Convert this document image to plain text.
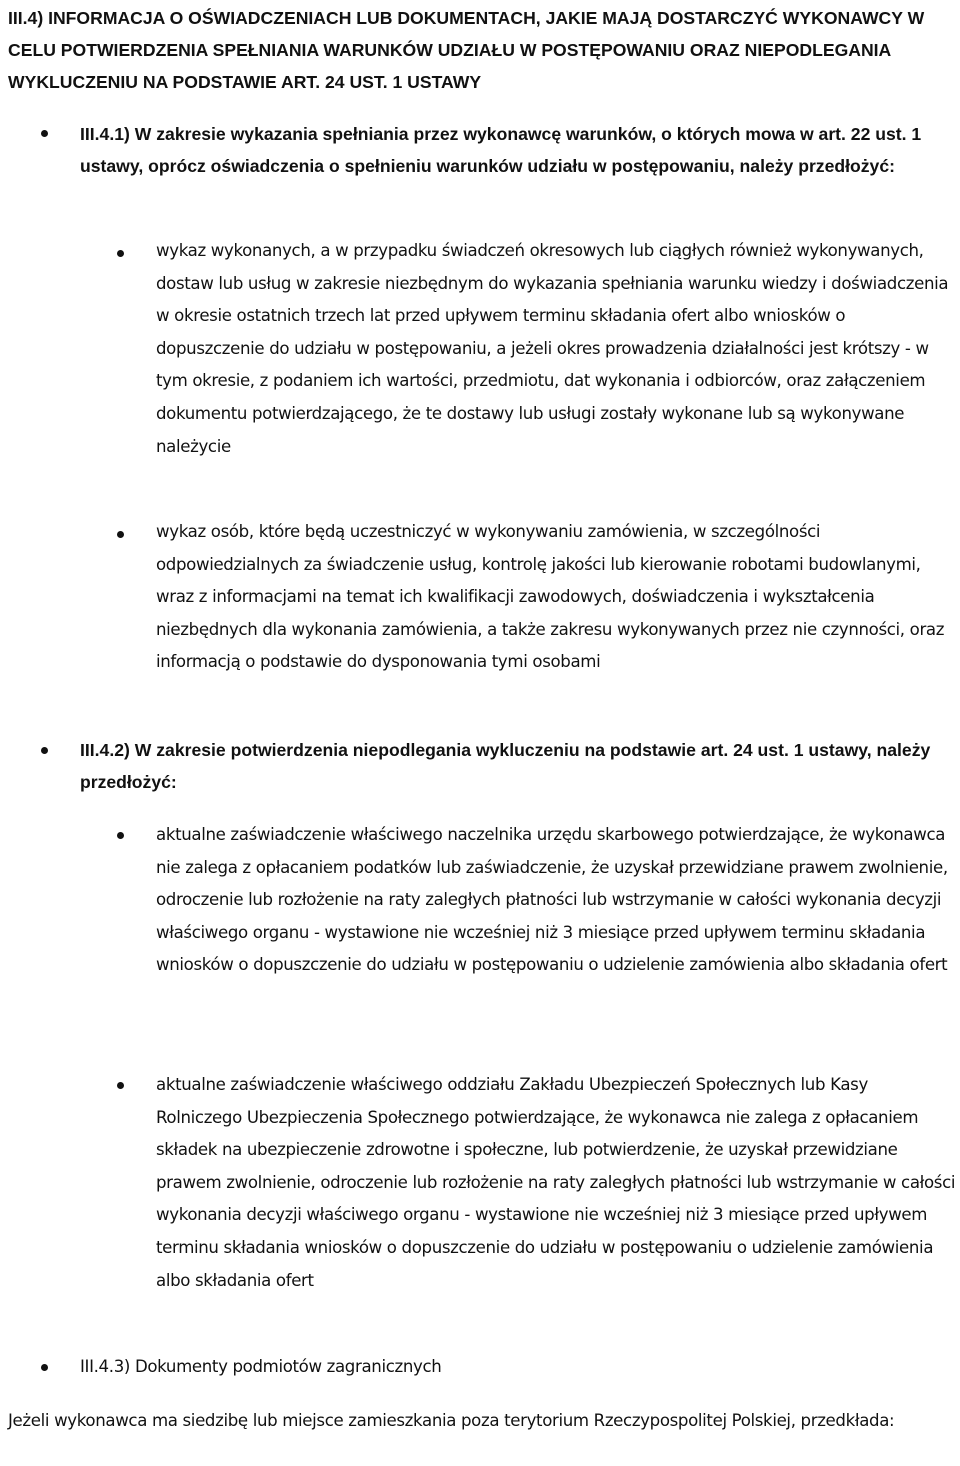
III.4) INFORMACJA O OŚWIADCZENIACH LUB DOKUMENTACH, JAKIE MAJĄ DOSTARCZYĆ WYKONAWCY W CELU POTWIERDZENIA SPEŁNIANIA WARUNKÓW UDZIAŁU W POSTĘPOWANIU ORAZ NIEPODLEGANIA WYKLUCZENIU NA PODSTAWIE ART. 24 UST. 1 USTAWY

III.4.1) W zakresie wykazania spełniania przez wykonawcę warunków, o których mowa w art. 22 ust. 1 ustawy, oprócz oświadczenia o spełnieniu warunków udziału w postępowaniu, należy przedłożyć:

wykaz wykonanych, a w przypadku świadczeń okresowych lub ciągłych również wykonywanych, dostaw lub usług w zakresie niezbędnym do wykazania spełniania warunku wiedzy i doświadczenia w okresie ostatnich trzech lat przed upływem terminu składania ofert albo wniosków o dopuszczenie do udziału w postępowaniu, a jeżeli okres prowadzenia działalności jest krótszy - w tym okresie, z podaniem ich wartości, przedmiotu, dat wykonania i odbiorców, oraz załączeniem dokumentu potwierdzającego, że te dostawy lub usługi zostały wykonane lub są wykonywane należycie

wykaz osób, które będą uczestniczyć w wykonywaniu zamówienia, w szczególności odpowiedzialnych za świadczenie usług, kontrolę jakości lub kierowanie robotami budowlanymi, wraz z informacjami na temat ich kwalifikacji zawodowych, doświadczenia i wykształcenia niezbędnych dla wykonania zamówienia, a także zakresu wykonywanych przez nie czynności, oraz informacją o podstawie do dysponowania tymi osobami

III.4.2) W zakresie potwierdzenia niepodlegania wykluczeniu na podstawie art. 24 ust. 1 ustawy, należy przedłożyć:

aktualne zaświadczenie właściwego naczelnika urzędu skarbowego potwierdzające, że wykonawca nie zalega z opłacaniem podatków lub zaświadczenie, że uzyskał przewidziane prawem zwolnienie, odroczenie lub rozłożenie na raty zaległych płatności lub wstrzymanie w całości wykonania decyzji właściwego organu - wystawione nie wcześniej niż 3 miesiące przed upływem terminu składania wniosków o dopuszczenie do udziału w postępowaniu o udzielenie zamówienia albo składania ofert

aktualne zaświadczenie właściwego oddziału Zakładu Ubezpieczeń Społecznych lub Kasy Rolniczego Ubezpieczenia Społecznego potwierdzające, że wykonawca nie zalega z opłacaniem składek na ubezpieczenie zdrowotne i społeczne, lub potwierdzenie, że uzyskał przewidziane prawem zwolnienie, odroczenie lub rozłożenie na raty zaległych płatności lub wstrzymanie w całości wykonania decyzji właściwego organu - wystawione nie wcześniej niż 3 miesiące przed upływem terminu składania wniosków o dopuszczenie do udziału w postępowaniu o udzielenie zamówienia albo składania ofert

III.4.3) Dokumenty podmiotów zagranicznych

Jeżeli wykonawca ma siedzibę lub miejsce zamieszkania poza terytorium Rzeczypospolitej Polskiej, przedkłada:
